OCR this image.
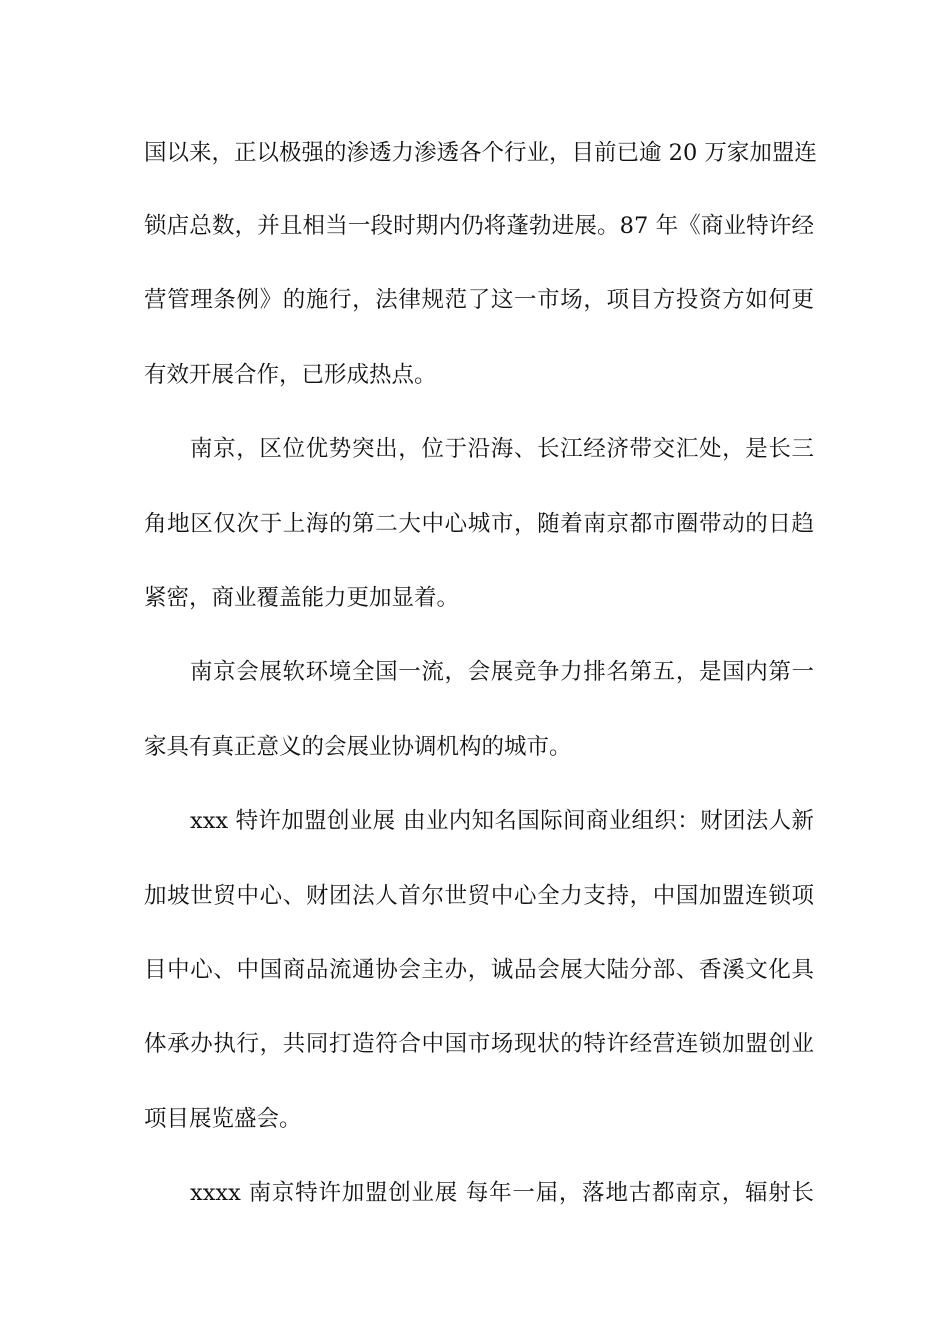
国以来，正以极强的渗透力渗透各个行业，目前已逾 20 万家加盟连
锁店总数，并且相当一段时期内仍将蓬勃进展。87 年《商业特许经
营管理条例》的施行，法律规范了这一市场，项目方投资方如何更
有效开展合作，已形成热点。
南京，区位优势突出，位于沿海、长江经济带交汇处，是长三
角地区仅次于上海的第二大中心城市，随着南京都市圈带动的日趋
紧密，商业覆盖能力更加显着。
南京会展软环境全国一流，会展竞争力排名第五，是国内第一
家具有真正意义的会展业协调机构的城市。
xxx 特许加盟创业展 由业内知名国际间商业组织：财团法人新
加坡世贸中心、财团法人首尔世贸中心全力支持，中国加盟连锁项
目中心、中国商品流通协会主办，诚品会展大陆分部、香溪文化具
体承办执行，共同打造符合中国市场现状的特许经营连锁加盟创业
项目展览盛会。
xxxx 南京特许加盟创业展 每年一届，落地古都南京，辐射长
